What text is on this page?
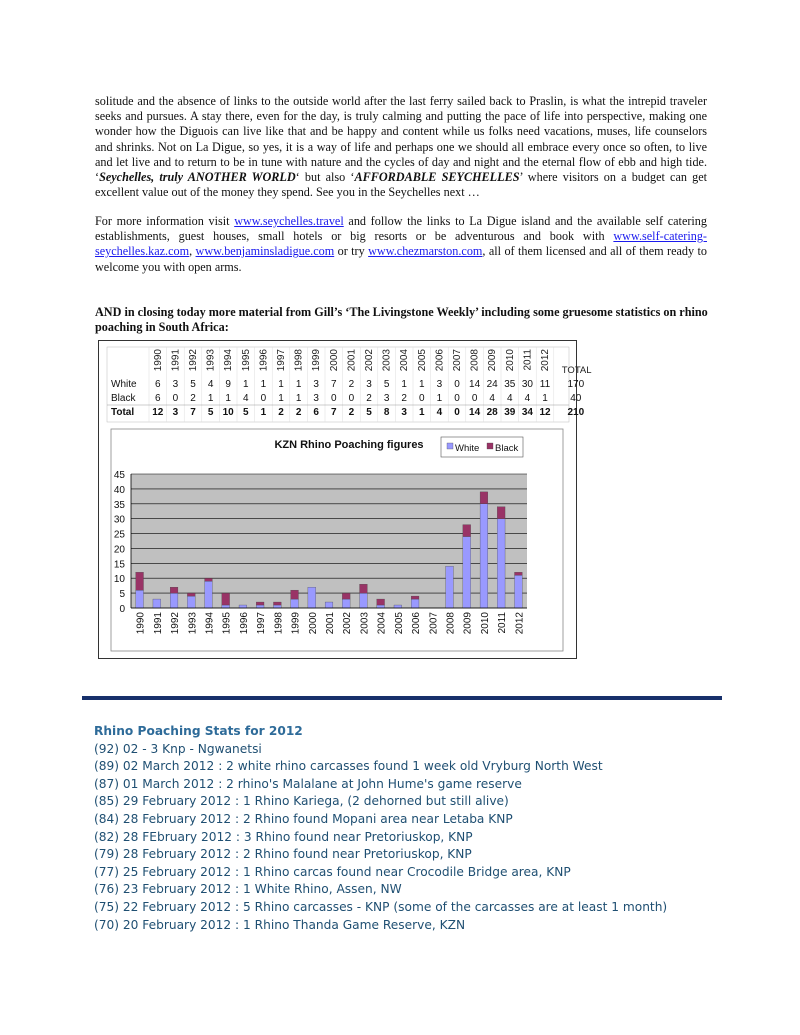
solitude and the absence of links to the outside world after the last ferry sailed back to Praslin, is what the intrepid traveler seeks and pursues. A stay there, even for the day, is truly calming and putting the pace of life into perspective, making one wonder how the Diguois can live like that and be happy and content while us folks need vacations, muses, life counselors and shrinks. Not on La Digue, so yes, it is a way of life and perhaps one we should all embrace every once so often, to live and let live and to return to be in tune with nature and the cycles of day and night and the eternal flow of ebb and high tide. ‘Seychelles, truly ANOTHER WORLD‘ but also ‘AFFORDABLE SEYCHELLES’ where visitors on a budget can get excellent value out of the money they spend. See you in the Seychelles next …
For more information visit www.seychelles.travel and follow the links to La Digue island and the available self catering establishments, guest houses, small hotels or big resorts or be adventurous and book with www.self-catering-seychelles.kaz.com, www.benjaminsladigue.com or try www.chezmarston.com, all of them licensed and all of them ready to welcome you with open arms.
AND in closing today more material from Gill’s ‘The Livingstone Weekly’ including some gruesome statistics on rhino poaching in South Africa:
1990 1991 1992 1993 1994 1995 1996 1997 1998 1999 2000 2001 2002 2003 2004 2005 2006 2007 2008 2009 2010 2011 2012 TOTAL
White 6 3 5 4 9 1 1 1 1 3 7 2 3 5 1 1 3 0 14 24 35 30 11 170
Black 6 0 2 1 1 4 0 1 1 3 0 0 2 3 2 0 1 0 0 4 4 4 1 40
Total 12 3 7 5 10 5 1 2 2 6 7 2 5 8 3 1 4 0 14 28 39 34 12 210
0
5
10
15
20
25
30
35
40
45
1990 1991 1992 1993 1994 1995 1996 1997 1998 1999 2000 2001 2002 2003 2004 2005 2006 2007 2008 2009 2010 2011 2012
KZN Rhino Poaching figures	White Black
Rhino Poaching Stats for 2012
(92) 02 - 3 Knp - Ngwanetsi
(89) 02 March 2012 : 2 white rhino carcasses found 1 week old Vryburg North West
(87) 01 March 2012 : 2 rhino's Malalane at John Hume's game reserve
(85) 29 February 2012 : 1 Rhino Kariega, (2 dehorned but still alive)
(84) 28 February 2012 : 2 Rhino found Mopani area near Letaba KNP
(82) 28 FEbruary 2012 : 3 Rhino found near Pretoriuskop, KNP
(79) 28 February 2012 : 2 Rhino found near Pretoriuskop, KNP
(77) 25 February 2012 : 1 Rhino carcas found near Crocodile Bridge area, KNP
(76) 23 February 2012 : 1 White Rhino, Assen, NW
(75) 22 February 2012 : 5 Rhino carcasses - KNP (some of the carcasses are at least 1 month)
(70) 20 February 2012 : 1 Rhino Thanda Game Reserve, KZN
